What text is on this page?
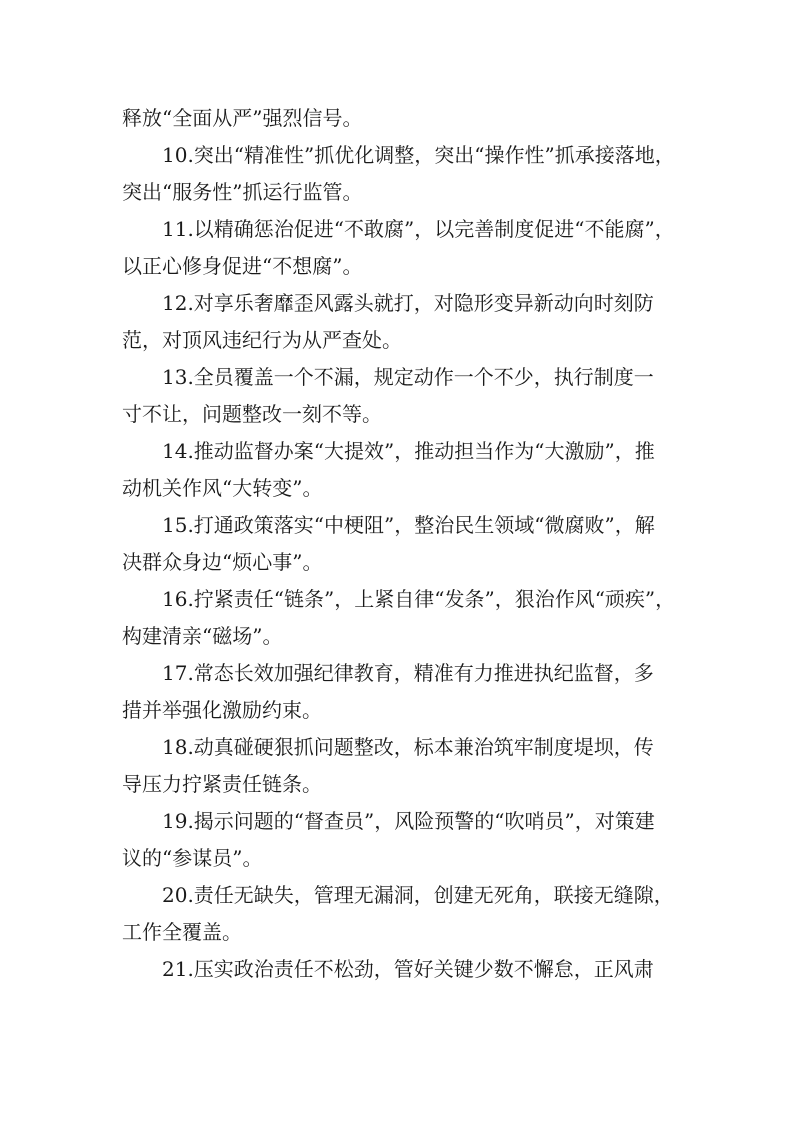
释放“全面从严”强烈信号。
10.突出“精准性”抓优化调整，突出“操作性”抓承接落地，
突出“服务性”抓运行监管。
11.以精确惩治促进“不敢腐”，以完善制度促进“不能腐”，
以正心修身促进“不想腐”。
12.对享乐奢靡歪风露头就打，对隐形变异新动向时刻防
范，对顶风违纪行为从严查处。
13.全员覆盖一个不漏，规定动作一个不少，执行制度一
寸不让，问题整改一刻不等。
14.推动监督办案“大提效”，推动担当作为“大激励”，推
动机关作风“大转变”。
15.打通政策落实“中梗阻”，整治民生领域“微腐败”，解
决群众身边“烦心事”。
16.拧紧责任“链条”，上紧自律“发条”，狠治作风“顽疾”，
构建清亲“磁场”。
17.常态长效加强纪律教育，精准有力推进执纪监督，多
措并举强化激励约束。
18.动真碰硬狠抓问题整改，标本兼治筑牢制度堤坝，传
导压力拧紧责任链条。
19.揭示问题的“督查员”，风险预警的“吹哨员”，对策建
议的“参谋员”。
20.责任无缺失，管理无漏洞，创建无死角，联接无缝隙，
工作全覆盖。
21.压实政治责任不松劲，管好关键少数不懈怠，正风肃
